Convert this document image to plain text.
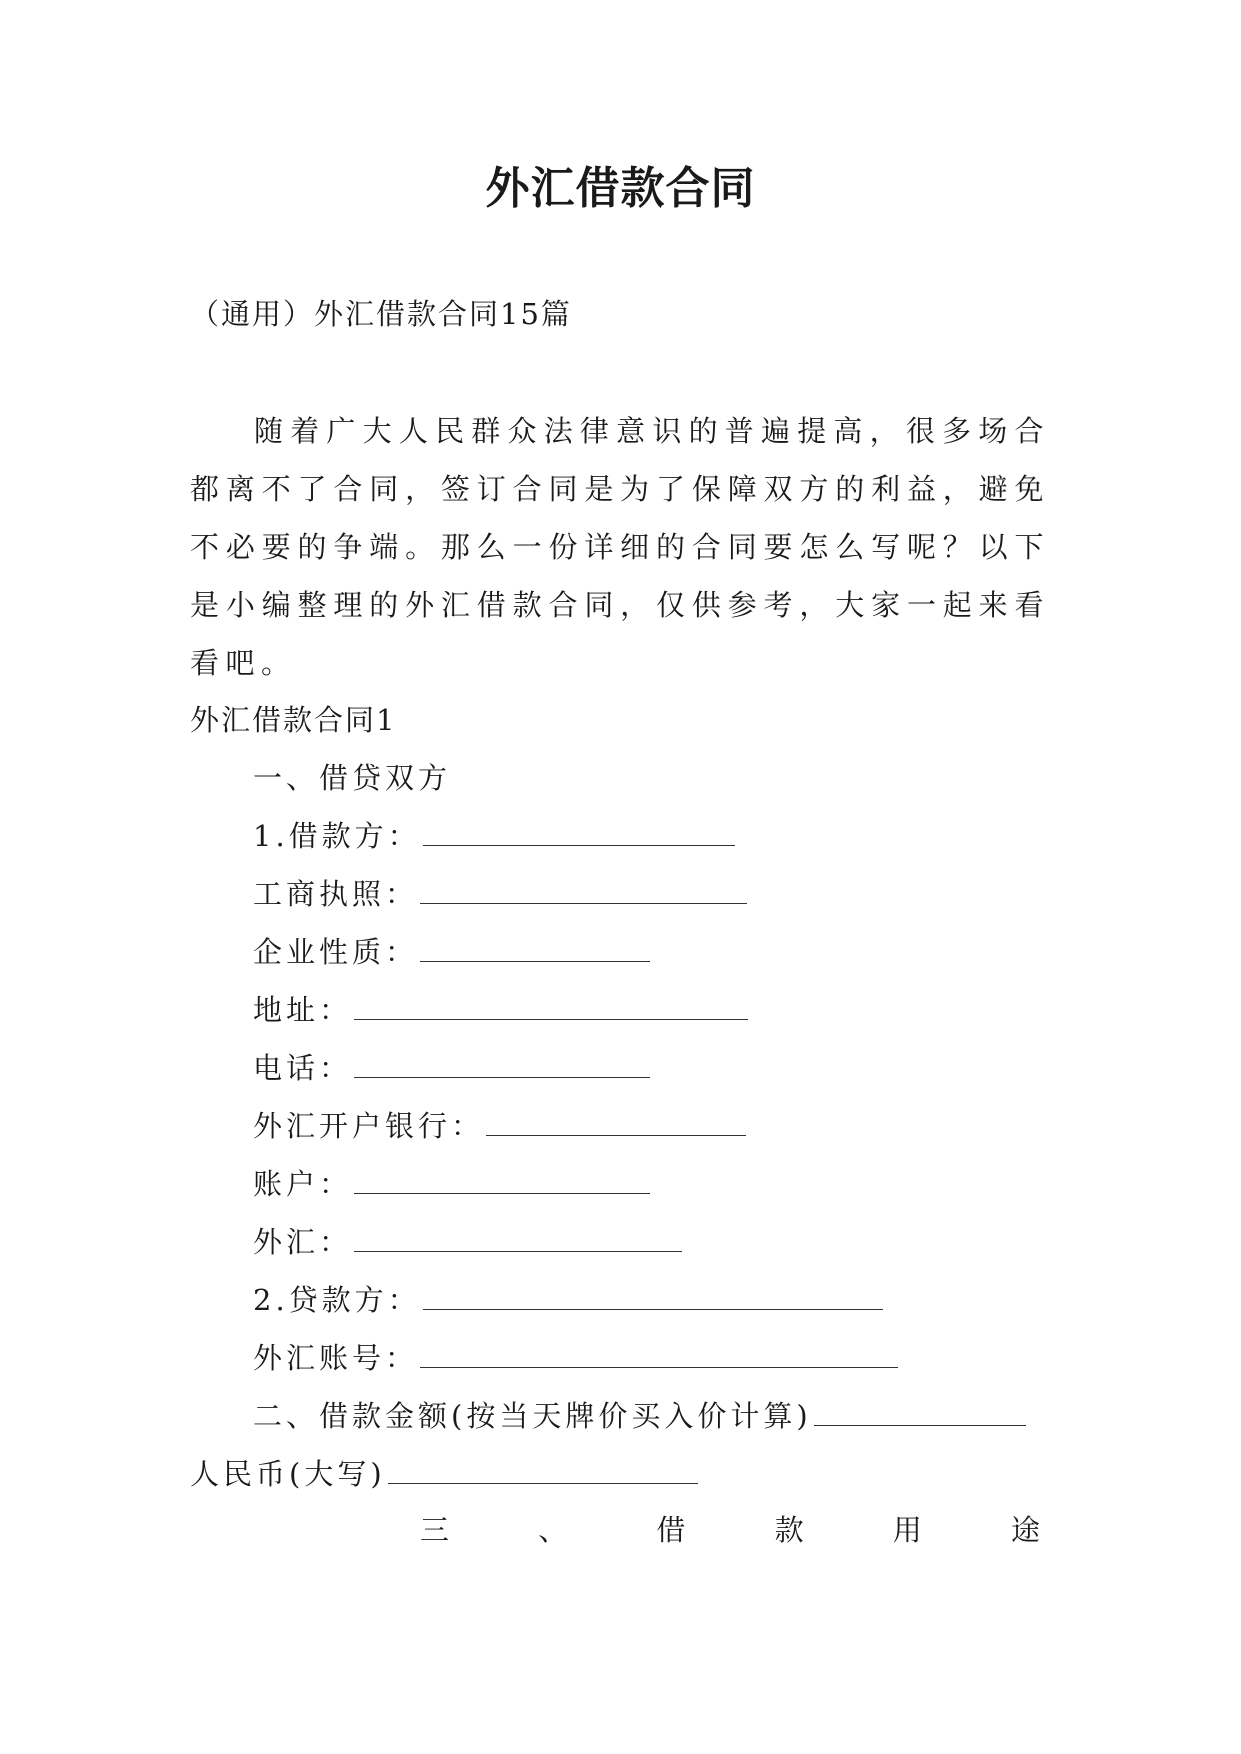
外汇借款合同
（通用）外汇借款合同15篇
随着广大人民群众法律意识的普遍提高，很多场合都离不了合同，签订合同是为了保障双方的利益，避免不必要的争端。那么一份详细的合同要怎么写呢？以下是小编整理的外汇借款合同，仅供参考，大家一起来看看吧。
外汇借款合同1
一、借贷双方
1.借款方：
工商执照：
企业性质：
地址：
电话：
外汇开户银行：
账户：
外汇：
2.贷款方：
外汇账号：
二、借款金额(按当天牌价买入价计算)
人民币(大写)
三	、	借	款	用	途
